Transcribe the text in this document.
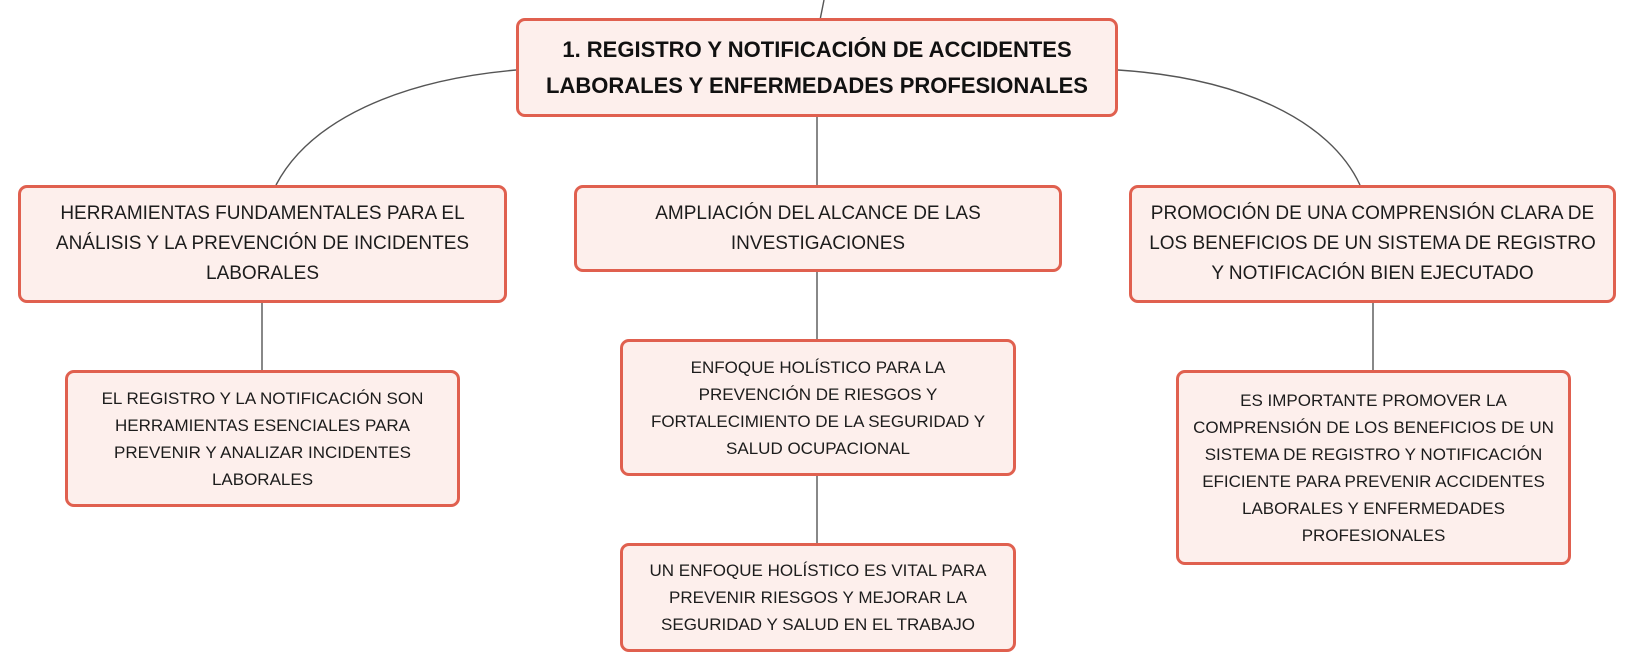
1. REGISTRO Y NOTIFICACIÓN DE ACCIDENTES LABORALES Y ENFERMEDADES PROFESIONALES
HERRAMIENTAS FUNDAMENTALES PARA EL ANÁLISIS Y LA PREVENCIÓN DE INCIDENTES LABORALES
AMPLIACIÓN DEL ALCANCE DE LAS INVESTIGACIONES
PROMOCIÓN DE UNA COMPRENSIÓN CLARA DE LOS BENEFICIOS DE UN SISTEMA DE REGISTRO Y NOTIFICACIÓN BIEN EJECUTADO
EL REGISTRO Y LA NOTIFICACIÓN SON HERRAMIENTAS ESENCIALES PARA PREVENIR Y ANALIZAR INCIDENTES LABORALES
ENFOQUE HOLÍSTICO PARA LA PREVENCIÓN DE RIESGOS Y FORTALECIMIENTO DE LA SEGURIDAD Y SALUD OCUPACIONAL
UN ENFOQUE HOLÍSTICO ES VITAL PARA PREVENIR RIESGOS Y MEJORAR LA SEGURIDAD Y SALUD EN EL TRABAJO
ES IMPORTANTE PROMOVER LA COMPRENSIÓN DE LOS BENEFICIOS DE UN SISTEMA DE REGISTRO Y NOTIFICACIÓN EFICIENTE PARA PREVENIR ACCIDENTES LABORALES Y ENFERMEDADES PROFESIONALES
